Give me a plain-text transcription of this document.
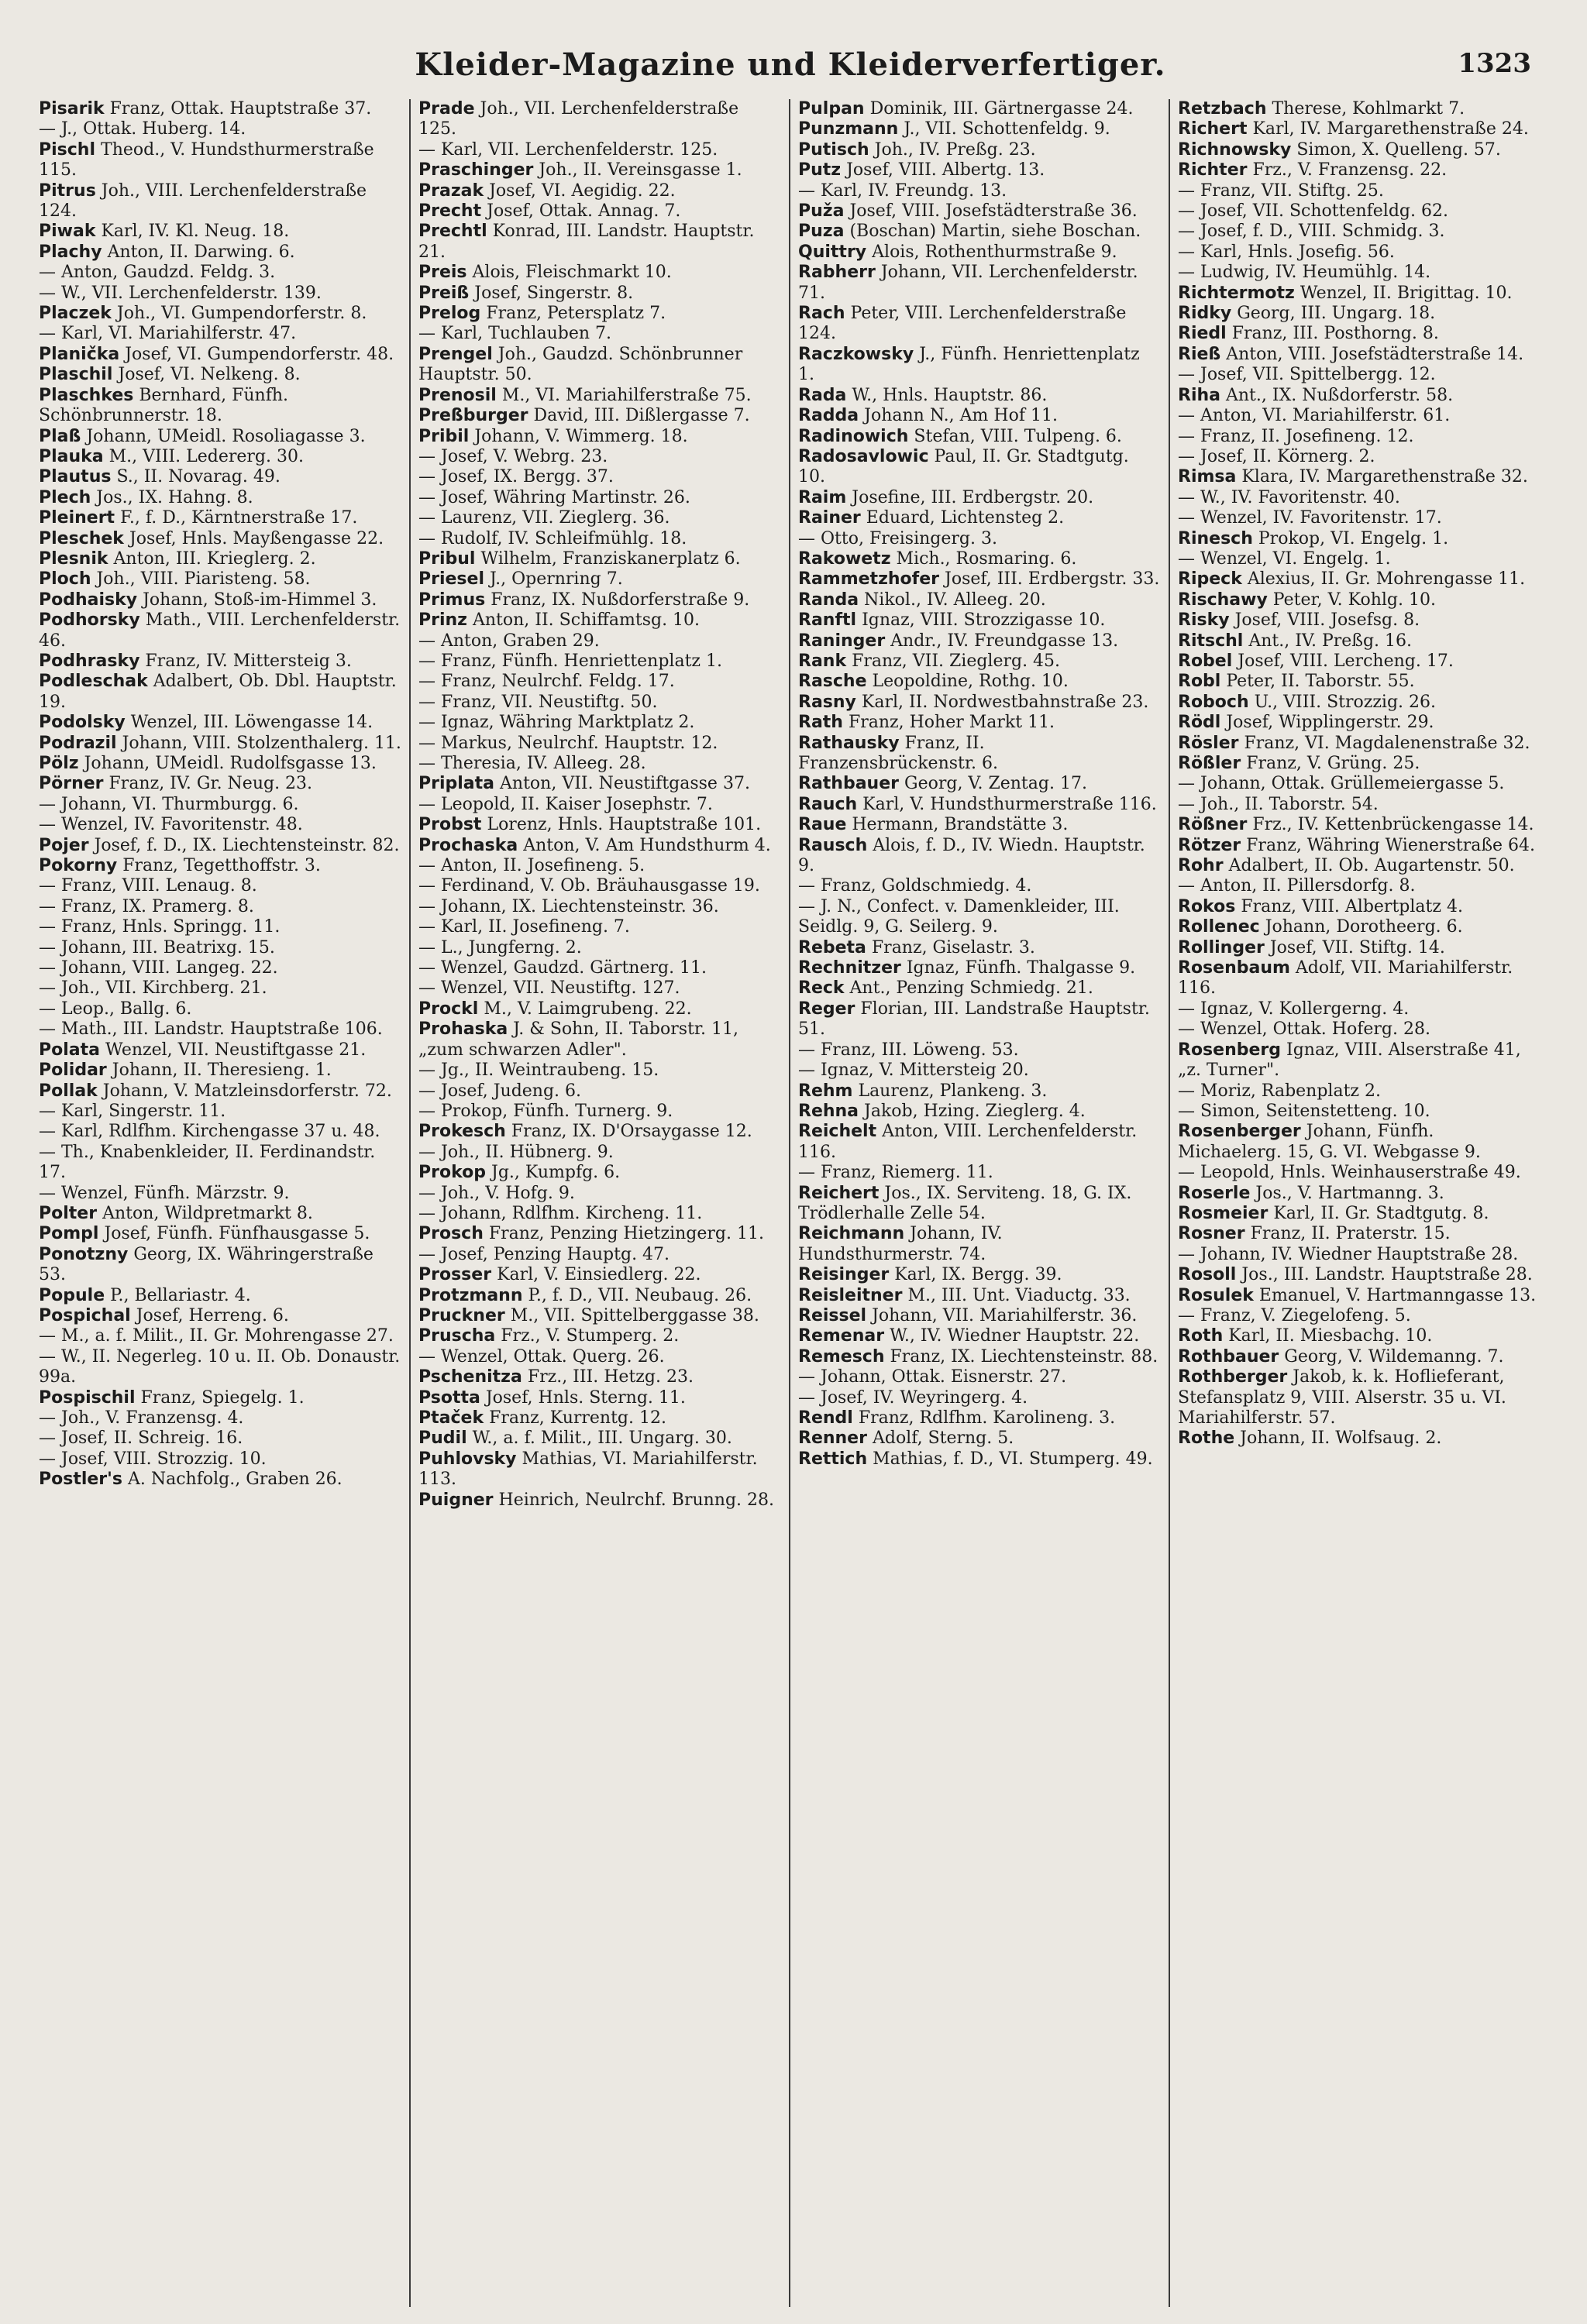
Kleider-Magazine und Kleiderverfertiger.	1323

Pisarik Franz, Ottak. Hauptstraße 37.

— J., Ottak. Huberg. 14.

Pischl Theod., V. Hundsthurmerstraße 115.

Pitrus Joh., VIII. Lerchenfelderstraße 124.

Piwak Karl, IV. Kl. Neug. 18.

Plachy Anton, II. Darwing. 6.

— Anton, Gaudzd. Feldg. 3.

— W., VII. Lerchenfelderstr. 139.

Placzek Joh., VI. Gumpendorferstr. 8.

— Karl, VI. Mariahilferstr. 47.

Planička Josef, VI. Gumpendorferstr. 48.

Plaschil Josef, VI. Nelkeng. 8.

Plaschkes Bernhard, Fünfh. Schönbrunnerstr. 18.

Plaß Johann, UMeidl. Rosoliagasse 3.

Plauka M., VIII. Ledererg. 30.

Plautus S., II. Novarag. 49.

Plech Jos., IX. Hahng. 8.

Pleinert F., f. D., Kärntnerstraße 17.

Pleschek Josef, Hnls. Mayßengasse 22.

Plesnik Anton, III. Krieglerg. 2.

Ploch Joh., VIII. Piaristeng. 58.

Podhaisky Johann, Stoß-im-Himmel 3.

Podhorsky Math., VIII. Lerchenfelderstr. 46.

Podhrasky Franz, IV. Mittersteig 3.

Podleschak Adalbert, Ob. Dbl. Hauptstr. 19.

Podolsky Wenzel, III. Löwengasse 14.

Podrazil Johann, VIII. Stolzenthalerg. 11.

Pölz Johann, UMeidl. Rudolfsgasse 13.

Pörner Franz, IV. Gr. Neug. 23.

— Johann, VI. Thurmburgg. 6.

— Wenzel, IV. Favoritenstr. 48.

Pojer Josef, f. D., IX. Liechtensteinstr. 82.

Pokorny Franz, Tegetthoffstr. 3.

— Franz, VIII. Lenaug. 8.

— Franz, IX. Pramerg. 8.

— Franz, Hnls. Springg. 11.

— Johann, III. Beatrixg. 15.

— Johann, VIII. Langeg. 22.

— Joh., VII. Kirchberg. 21.

— Leop., Ballg. 6.

— Math., III. Landstr. Hauptstraße 106.

Polata Wenzel, VII. Neustiftgasse 21.

Polidar Johann, II. Theresieng. 1.

Pollak Johann, V. Matzleinsdorferstr. 72.

— Karl, Singerstr. 11.

— Karl, Rdlfhm. Kirchengasse 37 u. 48.

— Th., Knabenkleider, II. Ferdinandstr. 17.

— Wenzel, Fünfh. Märzstr. 9.

Polter Anton, Wildpretmarkt 8.

Pompl Josef, Fünfh. Fünfhausgasse 5.

Ponotzny Georg, IX. Währingerstraße 53.

Popule P., Bellariastr. 4.

Pospichal Josef, Herreng. 6.

— M., a. f. Milit., II. Gr. Mohrengasse 27.

— W., II. Negerleg. 10 u. II. Ob. Donaustr. 99a.

Pospischil Franz, Spiegelg. 1.

— Joh., V. Franzensg. 4.

— Josef, II. Schreig. 16.

— Josef, VIII. Strozzig. 10.

Postler's A. Nachfolg., Graben 26.

Prade Joh., VII. Lerchenfelderstraße 125.

— Karl, VII. Lerchenfelderstr. 125.

Praschinger Joh., II. Vereinsgasse 1.

Prazak Josef, VI. Aegidig. 22.

Precht Josef, Ottak. Annag. 7.

Prechtl Konrad, III. Landstr. Hauptstr. 21.

Preis Alois, Fleischmarkt 10.

Preiß Josef, Singerstr. 8.

Prelog Franz, Petersplatz 7.

— Karl, Tuchlauben 7.

Prengel Joh., Gaudzd. Schönbrunner Hauptstr. 50.

Prenosil M., VI. Mariahilferstraße 75.

Preßburger David, III. Dißlergasse 7.

Pribil Johann, V. Wimmerg. 18.

— Josef, V. Webrg. 23.

— Josef, IX. Bergg. 37.

— Josef, Währing Martinstr. 26.

— Laurenz, VII. Zieglerg. 36.

— Rudolf, IV. Schleifmühlg. 18.

Pribul Wilhelm, Franziskanerplatz 6.

Priesel J., Opernring 7.

Primus Franz, IX. Nußdorferstraße 9.

Prinz Anton, II. Schiffamtsg. 10.

— Anton, Graben 29.

— Franz, Fünfh. Henriettenplatz 1.

— Franz, Neulrchf. Feldg. 17.

— Franz, VII. Neustiftg. 50.

— Ignaz, Währing Marktplatz 2.

— Markus, Neulrchf. Hauptstr. 12.

— Theresia, IV. Alleeg. 28.

Priplata Anton, VII. Neustiftgasse 37.

— Leopold, II. Kaiser Josephstr. 7.

Probst Lorenz, Hnls. Hauptstraße 101.

Prochaska Anton, V. Am Hundsthurm 4.

— Anton, II. Josefineng. 5.

— Ferdinand, V. Ob. Bräuhausgasse 19.

— Johann, IX. Liechtensteinstr. 36.

— Karl, II. Josefineng. 7.

— L., Jungferng. 2.

— Wenzel, Gaudzd. Gärtnerg. 11.

— Wenzel, VII. Neustiftg. 127.

Prockl M., V. Laimgrubeng. 22.

Prohaska J. & Sohn, II. Taborstr. 11, „zum schwarzen Adler".

— Jg., II. Weintraubeng. 15.

— Josef, Judeng. 6.

— Prokop, Fünfh. Turnerg. 9.

Prokesch Franz, IX. D'Orsaygasse 12.

— Joh., II. Hübnerg. 9.

Prokop Jg., Kumpfg. 6.

— Joh., V. Hofg. 9.

— Johann, Rdlfhm. Kircheng. 11.

Prosch Franz, Penzing Hietzingerg. 11.

— Josef, Penzing Hauptg. 47.

Prosser Karl, V. Einsiedlerg. 22.

Protzmann P., f. D., VII. Neubaug. 26.

Pruckner M., VII. Spittelberggasse 38.

Pruscha Frz., V. Stumperg. 2.

— Wenzel, Ottak. Querg. 26.

Pschenitza Frz., III. Hetzg. 23.

Psotta Josef, Hnls. Sterng. 11.

Ptaček Franz, Kurrentg. 12.

Pudil W., a. f. Milit., III. Ungarg. 30.

Puhlovsky Mathias, VI. Mariahilferstr. 113.

Puigner Heinrich, Neulrchf. Brunng. 28.

Pulpan Dominik, III. Gärtnergasse 24.

Punzmann J., VII. Schottenfeldg. 9.

Putisch Joh., IV. Preßg. 23.

Putz Josef, VIII. Albertg. 13.

— Karl, IV. Freundg. 13.

Puža Josef, VIII. Josefstädterstraße 36.

Puza (Boschan) Martin, siehe Boschan.

Quittry Alois, Rothenthurmstraße 9.

Rabherr Johann, VII. Lerchenfelderstr. 71.

Rach Peter, VIII. Lerchenfelderstraße 124.

Raczkowsky J., Fünfh. Henriettenplatz 1.

Rada W., Hnls. Hauptstr. 86.

Radda Johann N., Am Hof 11.

Radinowich Stefan, VIII. Tulpeng. 6.

Radosavlowic Paul, II. Gr. Stadtgutg. 10.

Raim Josefine, III. Erdbergstr. 20.

Rainer Eduard, Lichtensteg 2.

— Otto, Freisingerg. 3.

Rakowetz Mich., Rosmaring. 6.

Rammetzhofer Josef, III. Erdbergstr. 33.

Randa Nikol., IV. Alleeg. 20.

Ranftl Ignaz, VIII. Strozzigasse 10.

Raninger Andr., IV. Freundgasse 13.

Rank Franz, VII. Zieglerg. 45.

Rasche Leopoldine, Rothg. 10.

Rasny Karl, II. Nordwestbahnstraße 23.

Rath Franz, Hoher Markt 11.

Rathausky Franz, II. Franzensbrückenstr. 6.

Rathbauer Georg, V. Zentag. 17.

Rauch Karl, V. Hundsthurmerstraße 116.

Raue Hermann, Brandstätte 3.

Rausch Alois, f. D., IV. Wiedn. Hauptstr. 9.

— Franz, Goldschmiedg. 4.

— J. N., Confect. v. Damenkleider, III. Seidlg. 9, G. Seilerg. 9.

Rebeta Franz, Giselastr. 3.

Rechnitzer Ignaz, Fünfh. Thalgasse 9.

Reck Ant., Penzing Schmiedg. 21.

Reger Florian, III. Landstraße Hauptstr. 51.

— Franz, III. Löweng. 53.

— Ignaz, V. Mittersteig 20.

Rehm Laurenz, Plankeng. 3.

Rehna Jakob, Hzing. Zieglerg. 4.

Reichelt Anton, VIII. Lerchenfelderstr. 116.

— Franz, Riemerg. 11.

Reichert Jos., IX. Serviteng. 18, G. IX. Trödlerhalle Zelle 54.

Reichmann Johann, IV. Hundsthurmerstr. 74.

Reisinger Karl, IX. Bergg. 39.

Reisleitner M., III. Unt. Viaductg. 33.

Reissel Johann, VII. Mariahilferstr. 36.

Remenar W., IV. Wiedner Hauptstr. 22.

Remesch Franz, IX. Liechtensteinstr. 88.

— Johann, Ottak. Eisnerstr. 27.

— Josef, IV. Weyringerg. 4.

Rendl Franz, Rdlfhm. Karolineng. 3.

Renner Adolf, Sterng. 5.

Rettich Mathias, f. D., VI. Stumperg. 49.

Retzbach Therese, Kohlmarkt 7.

Richert Karl, IV. Margarethenstraße 24.

Richnowsky Simon, X. Quelleng. 57.

Richter Frz., V. Franzensg. 22.

— Franz, VII. Stiftg. 25.

— Josef, VII. Schottenfeldg. 62.

— Josef, f. D., VIII. Schmidg. 3.

— Karl, Hnls. Josefig. 56.

— Ludwig, IV. Heumühlg. 14.

Richtermotz Wenzel, II. Brigittag. 10.

Ridky Georg, III. Ungarg. 18.

Riedl Franz, III. Posthorng. 8.

Rieß Anton, VIII. Josefstädterstraße 14.

— Josef, VII. Spittelbergg. 12.

Riha Ant., IX. Nußdorferstr. 58.

— Anton, VI. Mariahilferstr. 61.

— Franz, II. Josefineng. 12.

— Josef, II. Körnerg. 2.

Rimsa Klara, IV. Margarethenstraße 32.

— W., IV. Favoritenstr. 40.

— Wenzel, IV. Favoritenstr. 17.

Rinesch Prokop, VI. Engelg. 1.

— Wenzel, VI. Engelg. 1.

Ripeck Alexius, II. Gr. Mohrengasse 11.

Rischawy Peter, V. Kohlg. 10.

Risky Josef, VIII. Josefsg. 8.

Ritschl Ant., IV. Preßg. 16.

Robel Josef, VIII. Lercheng. 17.

Robl Peter, II. Taborstr. 55.

Roboch U., VIII. Strozzig. 26.

Rödl Josef, Wipplingerstr. 29.

Rösler Franz, VI. Magdalenenstraße 32.

Rößler Franz, V. Grüng. 25.

— Johann, Ottak. Grüllemeiergasse 5.

— Joh., II. Taborstr. 54.

Rößner Frz., IV. Kettenbrückengasse 14.

Rötzer Franz, Währing Wienerstraße 64.

Rohr Adalbert, II. Ob. Augartenstr. 50.

— Anton, II. Pillersdorfg. 8.

Rokos Franz, VIII. Albertplatz 4.

Rollenec Johann, Dorotheerg. 6.

Rollinger Josef, VII. Stiftg. 14.

Rosenbaum Adolf, VII. Mariahilferstr. 116.

— Ignaz, V. Kollergerng. 4.

— Wenzel, Ottak. Hoferg. 28.

Rosenberg Ignaz, VIII. Alserstraße 41, „z. Turner".

— Moriz, Rabenplatz 2.

— Simon, Seitenstetteng. 10.

Rosenberger Johann, Fünfh. Michaelerg. 15, G. VI. Webgasse 9.

— Leopold, Hnls. Weinhauserstraße 49.

Roserle Jos., V. Hartmanng. 3.

Rosmeier Karl, II. Gr. Stadtgutg. 8.

Rosner Franz, II. Praterstr. 15.

— Johann, IV. Wiedner Hauptstraße 28.

Rosoll Jos., III. Landstr. Hauptstraße 28.

Rosulek Emanuel, V. Hartmanngasse 13.

— Franz, V. Ziegelofeng. 5.

Roth Karl, II. Miesbachg. 10.

Rothbauer Georg, V. Wildemanng. 7.

Rothberger Jakob, k. k. Hoflieferant, Stefansplatz 9, VIII. Alserstr. 35 u. VI. Mariahilferstr. 57.

Rothe Johann, II. Wolfsaug. 2.
